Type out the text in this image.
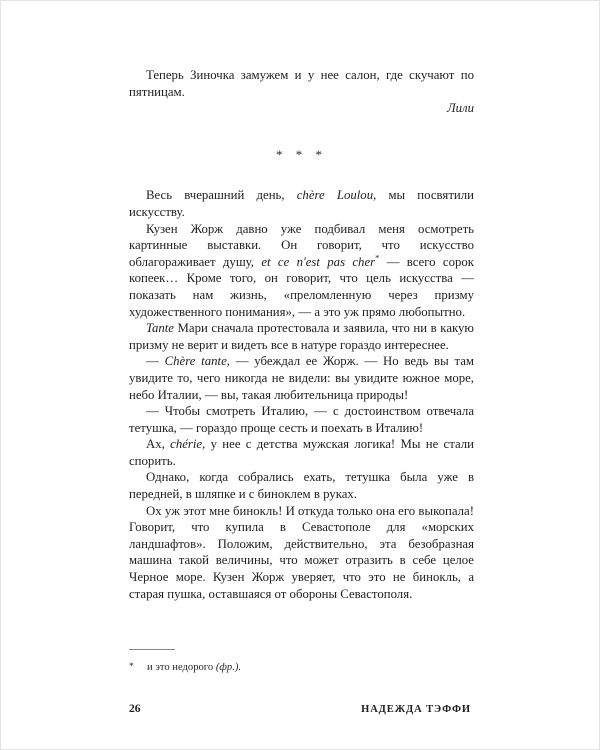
Теперь Зиночка замужем и у нее салон, где скучают по пятницам.

Лили

* * *

Весь вчерашний день, chère Loulou, мы посвятили искусству.

Кузен Жорж давно уже подбивал меня осмотреть картинные выставки. Он говорит, что искусство облагораживает душу, et ce n'est pas cher* — всего сорок копеек… Кроме того, он говорит, что цель искусства — показать нам жизнь, «преломленную через призму художественного понимания», — а это уж прямо любопытно.

Tante Мари сначала протестовала и заявила, что ни в какую призму не верит и видеть все в натуре гораздо интереснее.

— Chère tante, — убеждал ее Жорж. — Но ведь вы там увидите то, чего никогда не видели: вы увидите южное море, небо Италии, — вы, такая любительница природы!

— Чтобы смотреть Италию, — с достоинством отвечала тетушка, — гораздо проще сесть и поехать в Италию!

Ах, chérie, у нее с детства мужская логика! Мы не стали спорить.

Однако, когда собрались ехать, тетушка была уже в передней, в шляпке и с биноклем в руках.

Ох уж этот мне бинокль! И откуда только она его выкопала! Говорит, что купила в Севастополе для «морских ландшафтов». Положим, действительно, эта безобразная машина такой величины, что может отразить в себе целое Черное море. Кузен Жорж уверяет, что это не бинокль, а старая пушка, оставшаяся от обороны Севастополя.

* и это недорого (фр.).

26	НАДЕЖДА ТЭФФИ
